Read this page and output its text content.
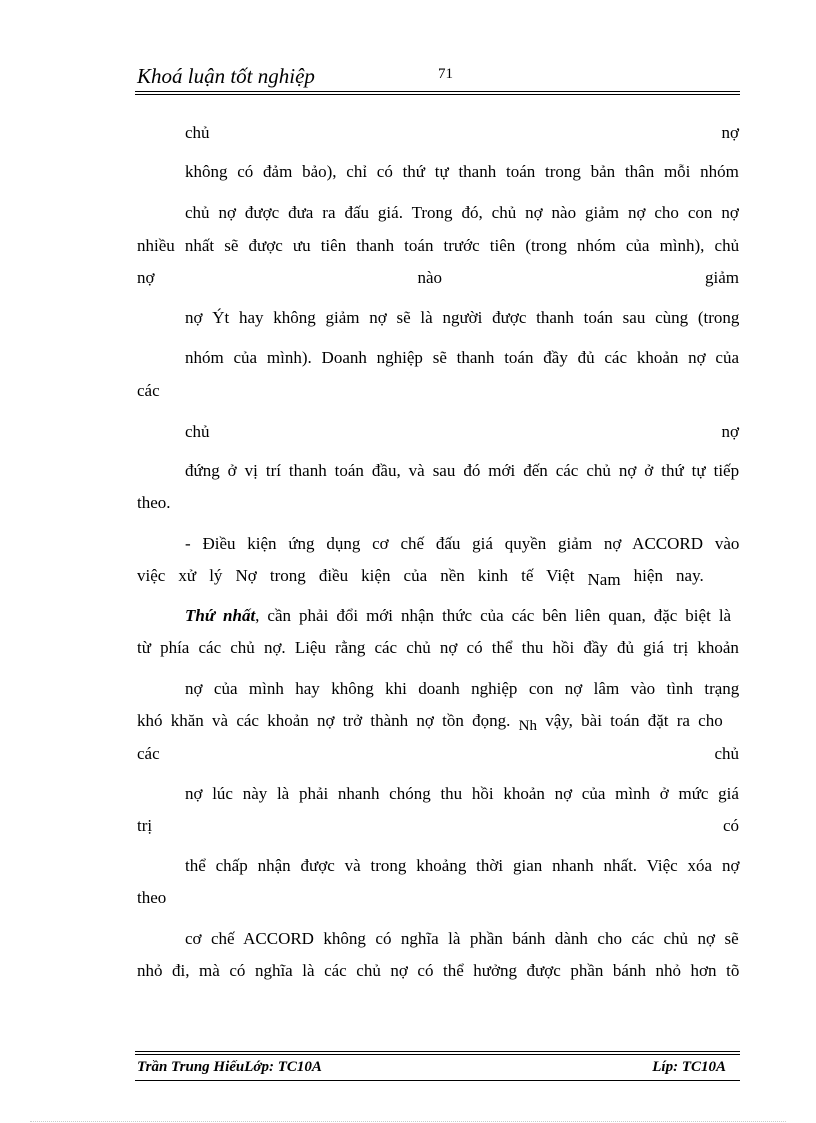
Khoá luận tốt nghiệp	71
chủ	nợ
không có đảm bảo), chỉ có thứ tự thanh toán trong bản thân mỗi nhóm
chủ nợ được đưa ra đấu giá. Trong đó, chủ nợ nào giảm nợ cho con nợ
nhiều nhất sẽ được ưu tiên thanh toán trước tiên (trong nhóm của mình), chủ
nợ	nào	giảm
nợ Ýt hay không giảm nợ sẽ là người được thanh toán sau cùng (trong
nhóm của mình). Doanh nghiệp sẽ thanh toán đầy đủ các khoản nợ của
các
chủ	nợ
đứng ở vị trí thanh toán đầu, và sau đó mới đến các chủ nợ ở thứ tự tiếp
theo.
- Điều kiện ứng dụng cơ chế đấu giá quyền giảm nợ ACCORD vào
việc xử lý Nợ trong điều kiện của nền kinh tế Việt Nam hiện nay.
Thứ nhất, cần phải đổi mới nhận thức của các bên liên quan, đặc biệt là
từ phía các chủ nợ. Liệu rằng các chủ nợ có thể thu hồi đầy đủ giá trị khoản
nợ của mình hay không khi doanh nghiệp con nợ lâm vào tình trạng
khó khăn và các khoản nợ trở thành nợ tồn đọng. Nh vậy, bài toán đặt ra cho
các	chủ
nợ lúc này là phải nhanh chóng thu hồi khoản nợ của mình ở mức giá
trị	có
thể chấp nhận được và trong khoảng thời gian nhanh nhất. Việc xóa nợ
theo
cơ chế ACCORD không có nghĩa là phần bánh dành cho các chủ nợ sẽ
nhỏ đi, mà có nghĩa là các chủ nợ có thể hưởng được phần bánh nhỏ hơn tõ
Trần Trung HiếuLớp: TC10A	Líp: TC10A
